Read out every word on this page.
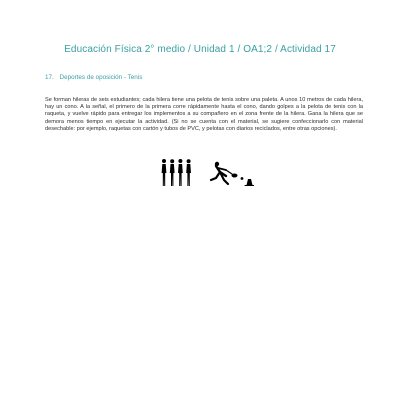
Educación Física 2° medio / Unidad 1 / OA1;2 / Actividad 17
17. Deportes de oposición - Tenis
Se forman hileras de seis estudiantes; cada hilera tiene una pelota de tenis sobre una paleta. A unos 10 metros de cada hilera, hay un cono. A la señal, el primero de la primera corre rápidamente hasta el cono, dando golpes a la pelota de tenis con la raqueta, y vuelve rápido para entregar los implementos a su compañero en el zona frente de la hilera. Gana la hilera que se demora menos tiempo en ejecutar la actividad. (Si no se cuenta con el material, se sugiere confeccionarlo con material desechable: por ejemplo, raquetas con cartón y tubos de PVC, y pelotas con diarios reciclados, entre otras opciones).
